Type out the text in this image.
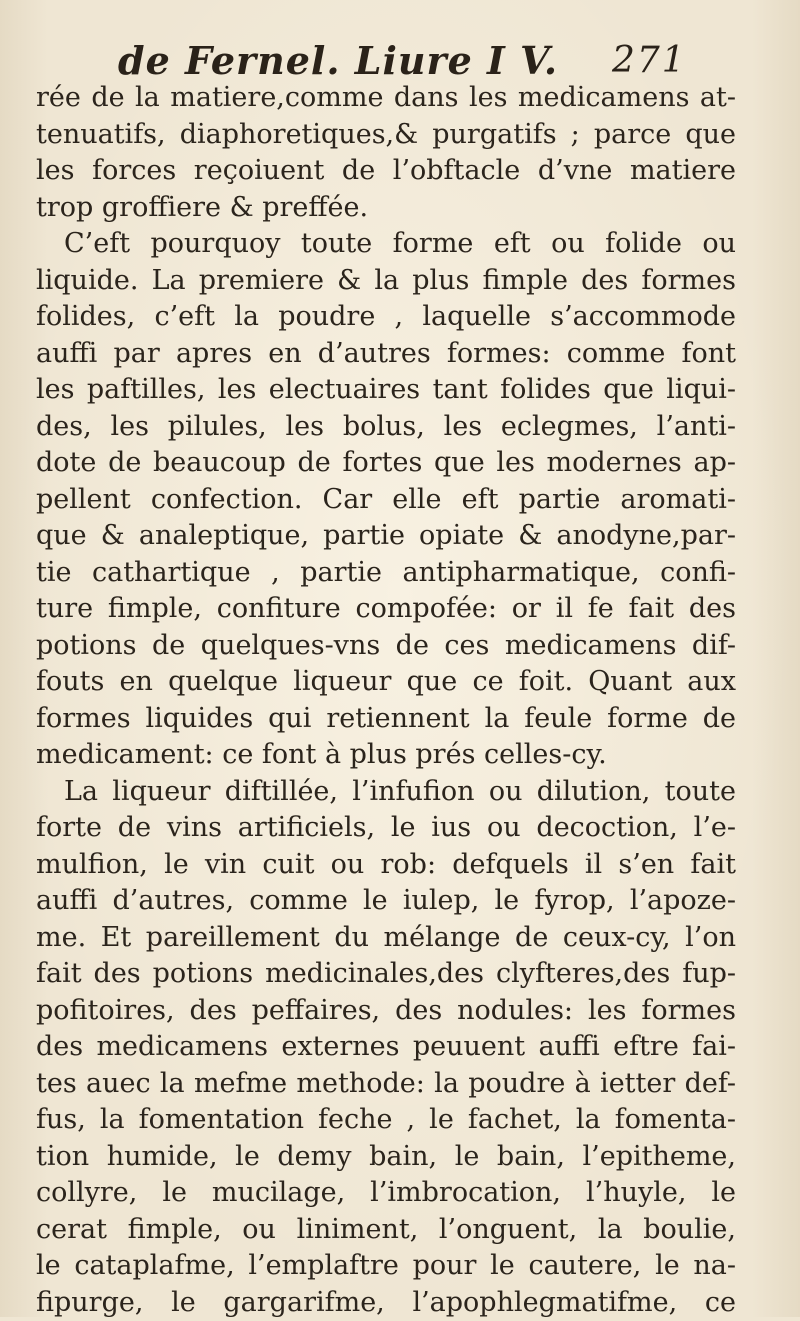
de Fernel. Liure I V. 271
rée de la matiere,comme dans les medicamens at-
tenuatifs, diaphoretiques,& purgatifs ; parce que
les forces reçoiuent de l’obftacle d’vne matiere
trop groffiere & preffée.
C’eft pourquoy toute forme eft ou folide ou
liquide. La premiere & la plus fimple des formes
folides, c’eft la poudre , laquelle s’accommode
auffi par apres en d’autres formes: comme font
les paftilles, les electuaires tant folides que liqui-
des, les pilules, les bolus, les eclegmes, l’anti-
dote de beaucoup de fortes que les modernes ap-
pellent confection. Car elle eft partie aromati-
que & analeptique, partie opiate & anodyne,par-
tie cathartique , partie antipharmatique, confi-
ture fimple, confiture compofée: or il fe fait des
potions de quelques-vns de ces medicamens dif-
fouts en quelque liqueur que ce foit. Quant aux
formes liquides qui retiennent la feule forme de
medicament: ce font à plus prés celles-cy.
La liqueur diftillée, l’infufion ou dilution, toute
forte de vins artificiels, le ius ou decoction, l’e-
mulfion, le vin cuit ou rob: defquels il s’en fait
auffi d’autres, comme le iulep, le fyrop, l’apoze-
me. Et pareillement du mélange de ceux-cy, l’on
fait des potions medicinales,des clyfteres,des fup-
pofitoires, des peffaires, des nodules: les formes
des medicamens externes peuuent auffi eftre fai-
tes auec la mefme methode: la poudre à ietter def-
fus, la fomentation feche , le fachet, la fomenta-
tion humide, le demy bain, le bain, l’epitheme,
collyre, le mucilage, l’imbrocation, l’huyle, le
cerat fimple, ou liniment, l’onguent, la boulie,
le cataplafme, l’emplaftre pour le cautere, le na-
fipurge, le gargarifme, l’apophlegmatifme, ce
